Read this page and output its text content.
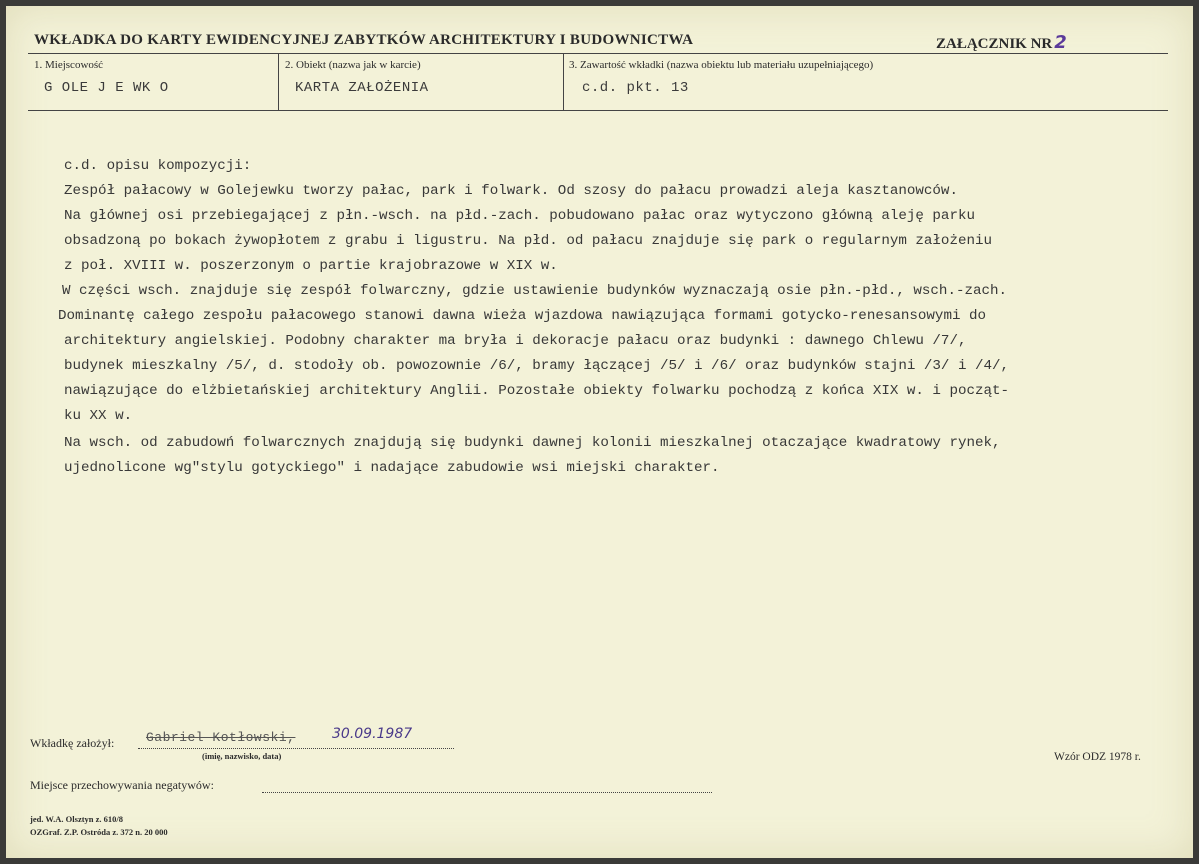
WKŁADKA DO KARTY EWIDENCYJNEJ ZABYTKÓW ARCHITEKTURY I BUDOWNICTWA	ZAŁĄCZNIK NR 2
1. Miejscowość
G OLE J E WK O
2. Obiekt (nazwa jak w karcie)
KARTA ZAŁOŻENIA
3. Zawartość wkładki (nazwa obiektu lub materiału uzupełniającego)
c.d. pkt. 13
c.d. opisu kompozycji:
Zespół pałacowy w Golejewku tworzy pałac, park i folwark. Od szosy do pałacu prowadzi aleja kasztanowców.
Na głównej osi przebiegającej z płn.-wsch. na płd.-zach. pobudowano pałac oraz wytyczono główną aleję parku
obsadzoną po bokach żywopłotem z grabu i ligustru. Na płd. od pałacu znajduje się park o regularnym założeniu
z poł. XVIII w. poszerzonym o partie krajobrazowe w XIX w.
W części wsch. znajduje się zespół folwarczny, gdzie ustawienie budynków wyznaczają osie płn.-płd., wsch.-zach.
Dominantę całego zespołu pałacowego stanowi dawna wieża wjazdowa nawiązująca formami gotycko-renesansowymi do
architektury angielskiej. Podobny charakter ma bryła i dekoracje pałacu oraz budynki : dawnego Chlewu /7/,
budynek mieszkalny /5/, d. stodoły ob. powozownie /6/, bramy łączącej /5/ i /6/ oraz budynków stajni /3/ i /4/,
nawiązujące do elżbietańskiej architektury Anglii. Pozostałe obiekty folwarku pochodzą z końca XIX w. i począt-
ku XX w.
Na wsch. od zabudowń folwarcznych znajdują się budynki dawnej kolonii mieszkalnej otaczające kwadratowy rynek,
ujednolicone wg"stylu gotyckiego" i nadające zabudowie wsi miejski charakter.
Wkładkę założył: Gabriel Kotłowski,	30.09.1987
(imię, nazwisko, data)	Wzór ODZ 1978 r.
Miejsce przechowywania negatywów:
jed. W.A. Olsztyn z. 610/8
OZGraf. Z.P. Ostróda z. 372 n. 20 000
